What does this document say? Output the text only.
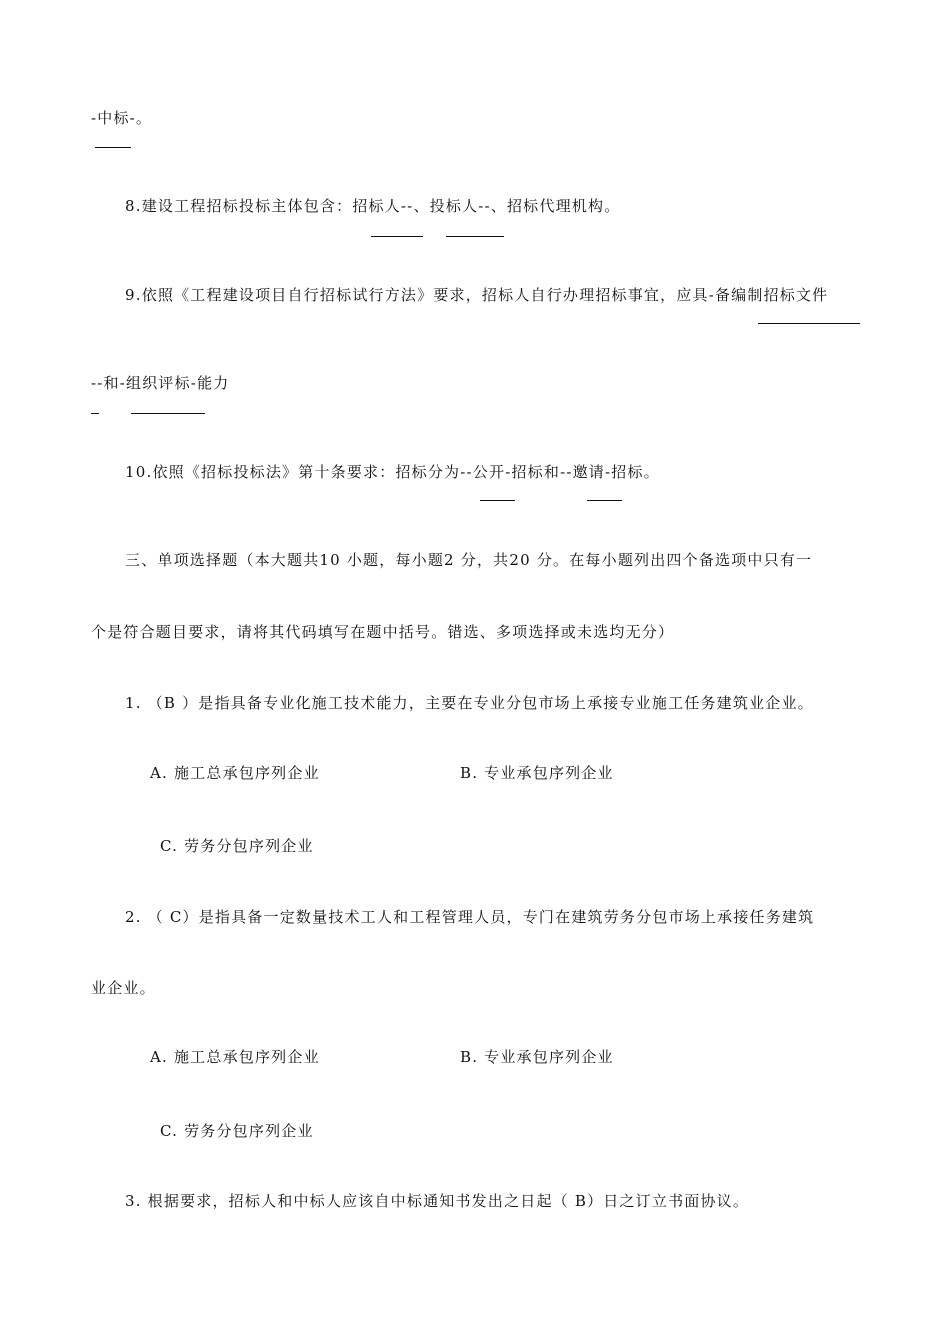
-中标-。
8.建设工程招标投标主体包含：招标人--、投标人--、招标代理机构。
9.依照《工程建设项目自行招标试行方法》要求，招标人自行办理招标事宜，应具-备编制招标文件
--和-组织评标-能力
10.依照《招标投标法》第十条要求：招标分为--公开-招标和--邀请-招标。
三、单项选择题（本大题共10 小题，每小题2 分，共20 分。在每小题列出四个备选项中只有一
个是符合题目要求，请将其代码填写在题中括号。错选、多项选择或未选均无分）
1. （B ）是指具备专业化施工技术能力，主要在专业分包市场上承接专业施工任务建筑业企业。
A. 施工总承包序列企业	B. 专业承包序列企业
C. 劳务分包序列企业
2. （ C）是指具备一定数量技术工人和工程管理人员，专门在建筑劳务分包市场上承接任务建筑
业企业。
A. 施工总承包序列企业	B. 专业承包序列企业
C. 劳务分包序列企业
3. 根据要求，招标人和中标人应该自中标通知书发出之日起（ B）日之订立书面协议。
